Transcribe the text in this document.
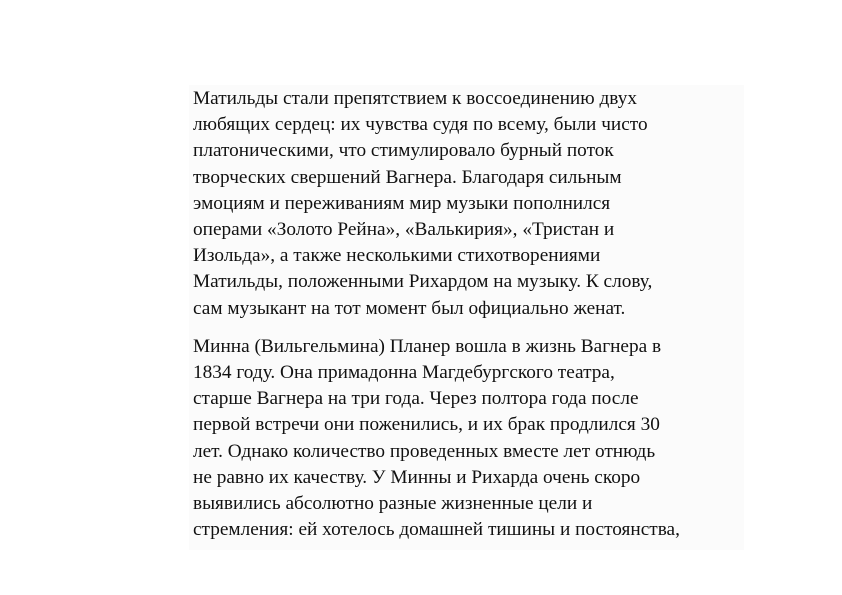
Матильды стали препятствием к воссоединению двух
любящих сердец: их чувства судя по всему, были чисто
платоническими, что стимулировало бурный поток
творческих свершений Вагнера. Благодаря сильным
эмоциям и переживаниям мир музыки пополнился
операми «Золото Рейна», «Валькирия», «Тристан и
Изольда», а также несколькими стихотворениями
Матильды, положенными Рихардом на музыку. К слову,
сам музыкант на тот момент был официально женат.

Минна (Вильгельмина) Планер вошла в жизнь Вагнера в
1834 году. Она примадонна Магдебургского театра,
старше Вагнера на три года. Через полтора года после
первой встречи они поженились, и их брак продлился 30
лет. Однако количество проведенных вместе лет отнюдь
не равно их качеству. У Минны и Рихарда очень скоро
выявились абсолютно разные жизненные цели и
стремления: ей хотелось домашней тишины и постоянства,
